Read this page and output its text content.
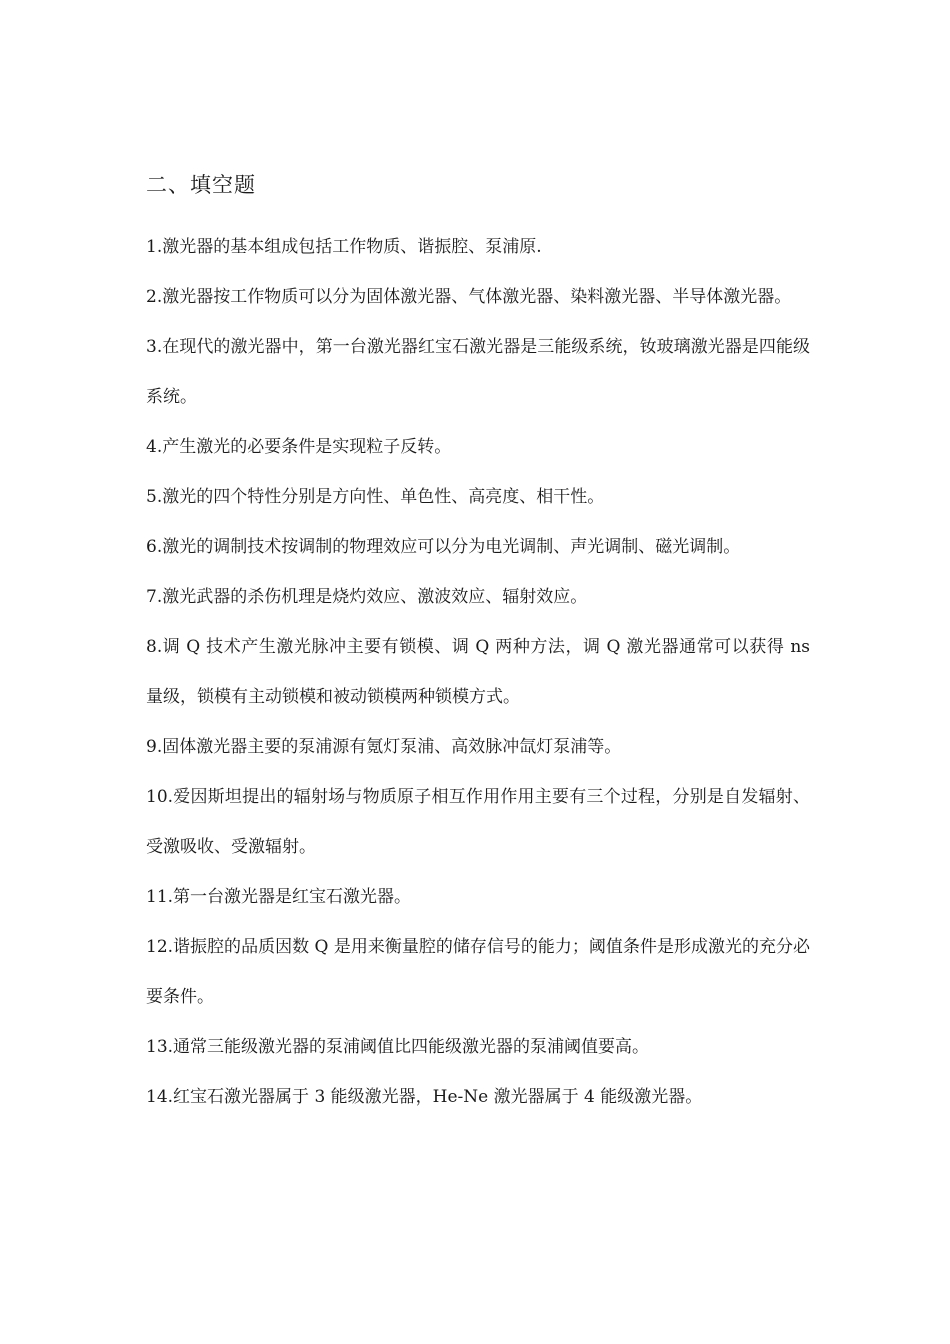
二、填空题
1.激光器的基本组成包括工作物质、谐振腔、泵浦原.
2.激光器按工作物质可以分为固体激光器、气体激光器、染料激光器、半导体激光器。
3.在现代的激光器中，第一台激光器红宝石激光器是三能级系统，钕玻璃激光器是四能级系统。
4.产生激光的必要条件是实现粒子反转。
5.激光的四个特性分别是方向性、单色性、高亮度、相干性。
6.激光的调制技术按调制的物理效应可以分为电光调制、声光调制、磁光调制。
7.激光武器的杀伤机理是烧灼效应、激波效应、辐射效应。
8.调 Q 技术产生激光脉冲主要有锁模、调 Q 两种方法，调 Q 激光器通常可以获得 ns 量级，锁模有主动锁模和被动锁模两种锁模方式。
9.固体激光器主要的泵浦源有氪灯泵浦、高效脉冲氙灯泵浦等。
10.爱因斯坦提出的辐射场与物质原子相互作用作用主要有三个过程，分别是自发辐射、受激吸收、受激辐射。
11.第一台激光器是红宝石激光器。
12.谐振腔的品质因数 Q 是用来衡量腔的储存信号的能力；阈值条件是形成激光的充分必要条件。
13.通常三能级激光器的泵浦阈值比四能级激光器的泵浦阈值要高。
14.红宝石激光器属于 3 能级激光器，He-Ne 激光器属于 4 能级激光器。
